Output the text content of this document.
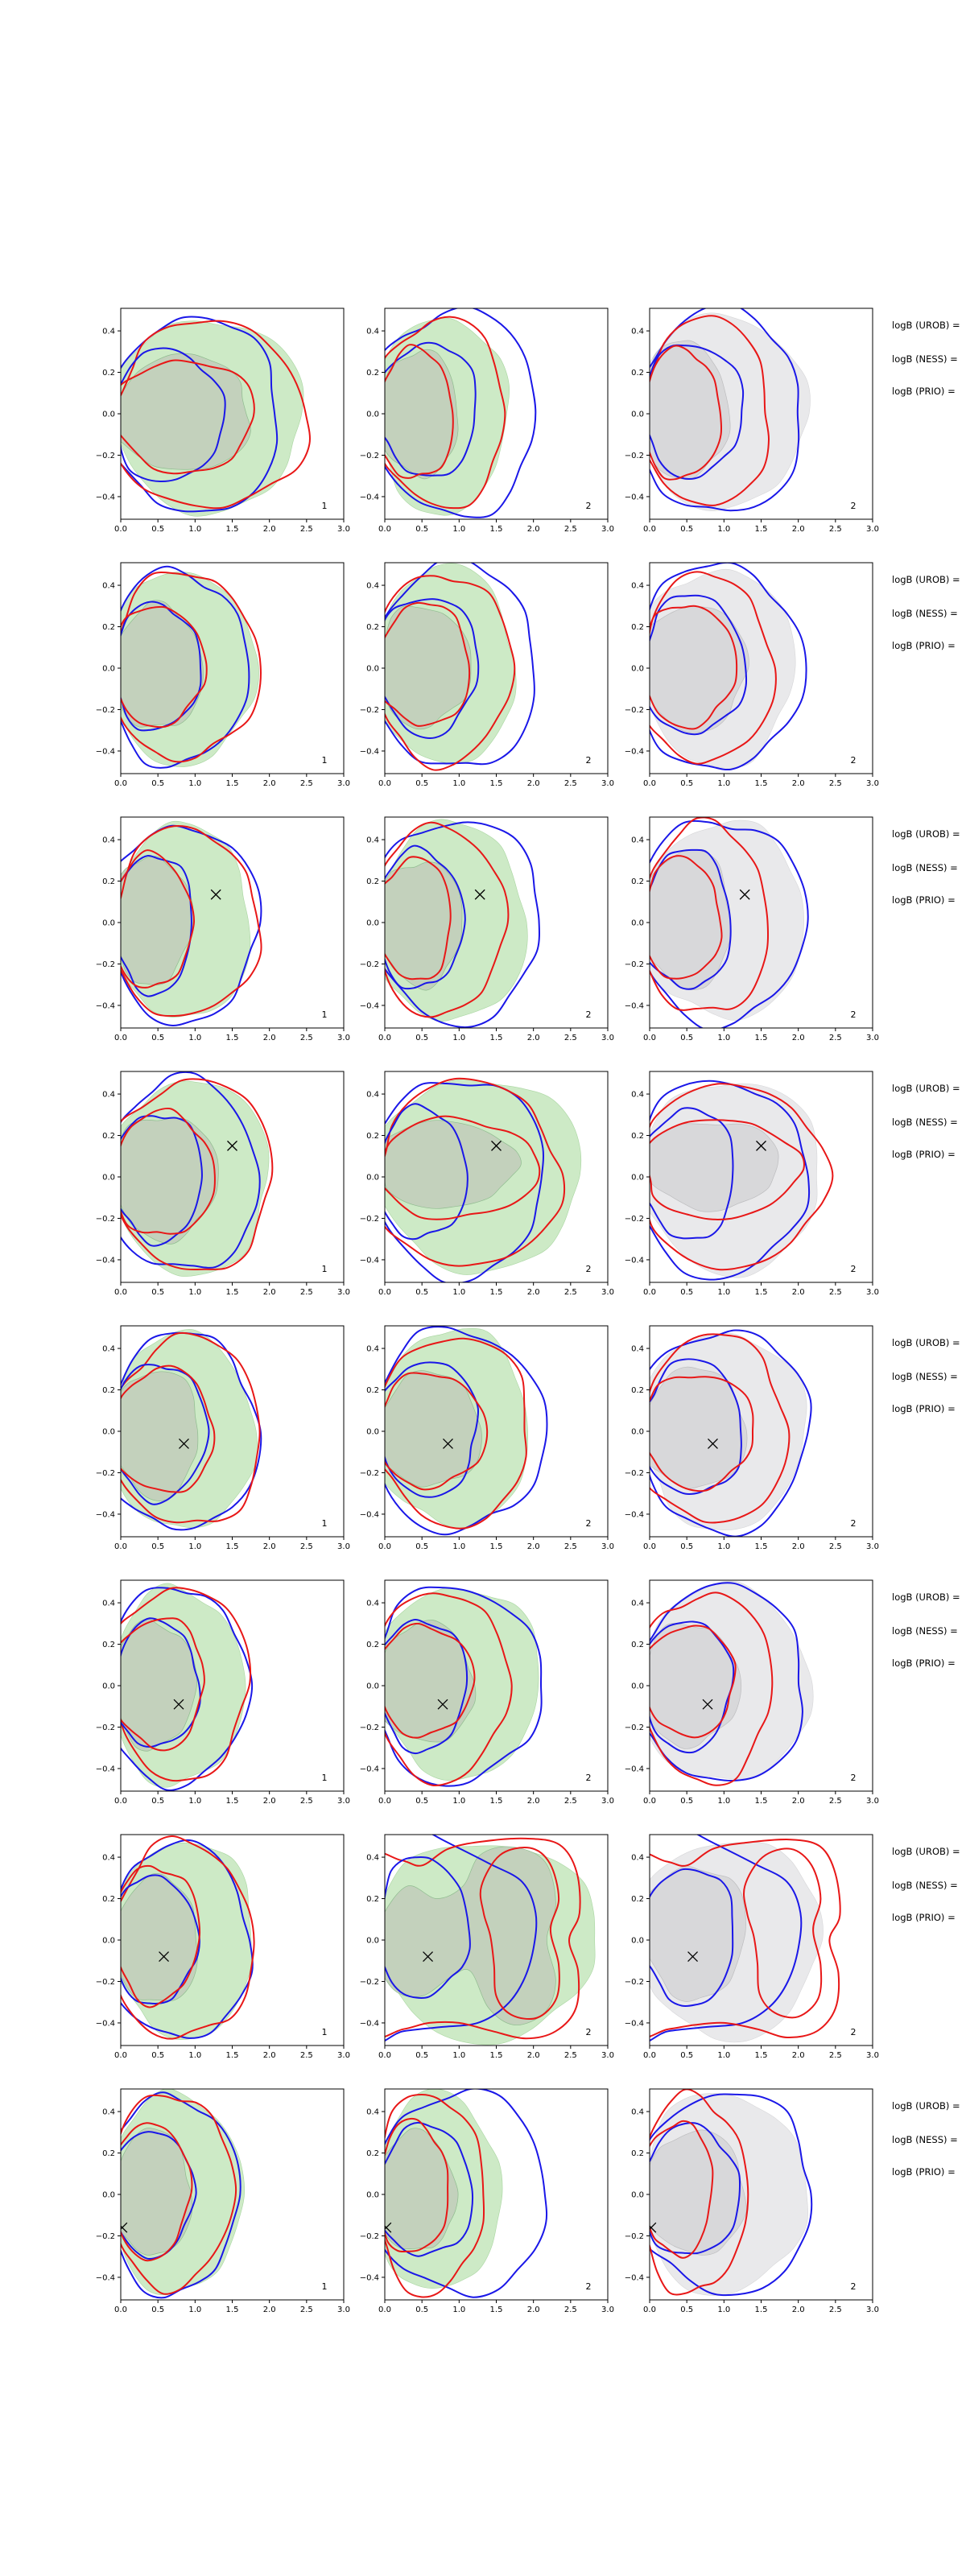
0.0	0.5	1.0	1.5	2.0	2.5	3.0
0.4
0.2
0.0
−0.2
−0.4
1
0.0	0.5	1.0	1.5	2.0	2.5	3.0
0.4
0.2
0.0
−0.2
−0.4
2
0.0	0.5	1.0	1.5	2.0	2.5	3.0
0.4
0.2
0.0
−0.2
−0.4
2
logB (UROB) =
logB (NESS) =
logB (PRIO) =
0.0	0.5	1.0	1.5	2.0	2.5	3.0
0.4
0.2
0.0
−0.2
−0.4
1
0.0	0.5	1.0	1.5	2.0	2.5	3.0
0.4
0.2
0.0
−0.2
−0.4
2
0.0	0.5	1.0	1.5	2.0	2.5	3.0
0.4
0.2
0.0
−0.2
−0.4
2
logB (UROB) =
logB (NESS) =
logB (PRIO) =
0.0	0.5	1.0	1.5	2.0	2.5	3.0
0.4
0.2
0.0
−0.2
−0.4
1
0.0	0.5	1.0	1.5	2.0	2.5	3.0
0.4
0.2
0.0
−0.2
−0.4
2
0.0	0.5	1.0	1.5	2.0	2.5	3.0
0.4
0.2
0.0
−0.2
−0.4
2
logB (UROB) =
logB (NESS) =
logB (PRIO) =
0.0	0.5	1.0	1.5	2.0	2.5	3.0
0.4
0.2
0.0
−0.2
−0.4
1
0.0	0.5	1.0	1.5	2.0	2.5	3.0
0.4
0.2
0.0
−0.2
−0.4
2
0.0	0.5	1.0	1.5	2.0	2.5	3.0
0.4
0.2
0.0
−0.2
−0.4
2
logB (UROB) =
logB (NESS) =
logB (PRIO) =
0.0	0.5	1.0	1.5	2.0	2.5	3.0
0.4
0.2
0.0
−0.2
−0.4
1
0.0	0.5	1.0	1.5	2.0	2.5	3.0
0.4
0.2
0.0
−0.2
−0.4
2
0.0	0.5	1.0	1.5	2.0	2.5	3.0
0.4
0.2
0.0
−0.2
−0.4
2
logB (UROB) =
logB (NESS) =
logB (PRIO) =
0.0	0.5	1.0	1.5	2.0	2.5	3.0
0.4
0.2
0.0
−0.2
−0.4
1
0.0	0.5	1.0	1.5	2.0	2.5	3.0
0.4
0.2
0.0
−0.2
−0.4
2
0.0	0.5	1.0	1.5	2.0	2.5	3.0
0.4
0.2
0.0
−0.2
−0.4
2
logB (UROB) =
logB (NESS) =
logB (PRIO) =
0.0	0.5	1.0	1.5	2.0	2.5	3.0
0.4
0.2
0.0
−0.2
−0.4
1
0.0	0.5	1.0	1.5	2.0	2.5	3.0
0.4
0.2
0.0
−0.2
−0.4
2
0.0	0.5	1.0	1.5	2.0	2.5	3.0
0.4
0.2
0.0
−0.2
−0.4
2
logB (UROB) =
logB (NESS) =
logB (PRIO) =
0.0	0.5	1.0	1.5	2.0	2.5	3.0
0.4
0.2
0.0
−0.2
−0.4
1
0.0	0.5	1.0	1.5	2.0	2.5	3.0
0.4
0.2
0.0
−0.2
−0.4
2
0.0	0.5	1.0	1.5	2.0	2.5	3.0
0.4
0.2
0.0
−0.2
−0.4
2
logB (UROB) =
logB (NESS) =
logB (PRIO) =
